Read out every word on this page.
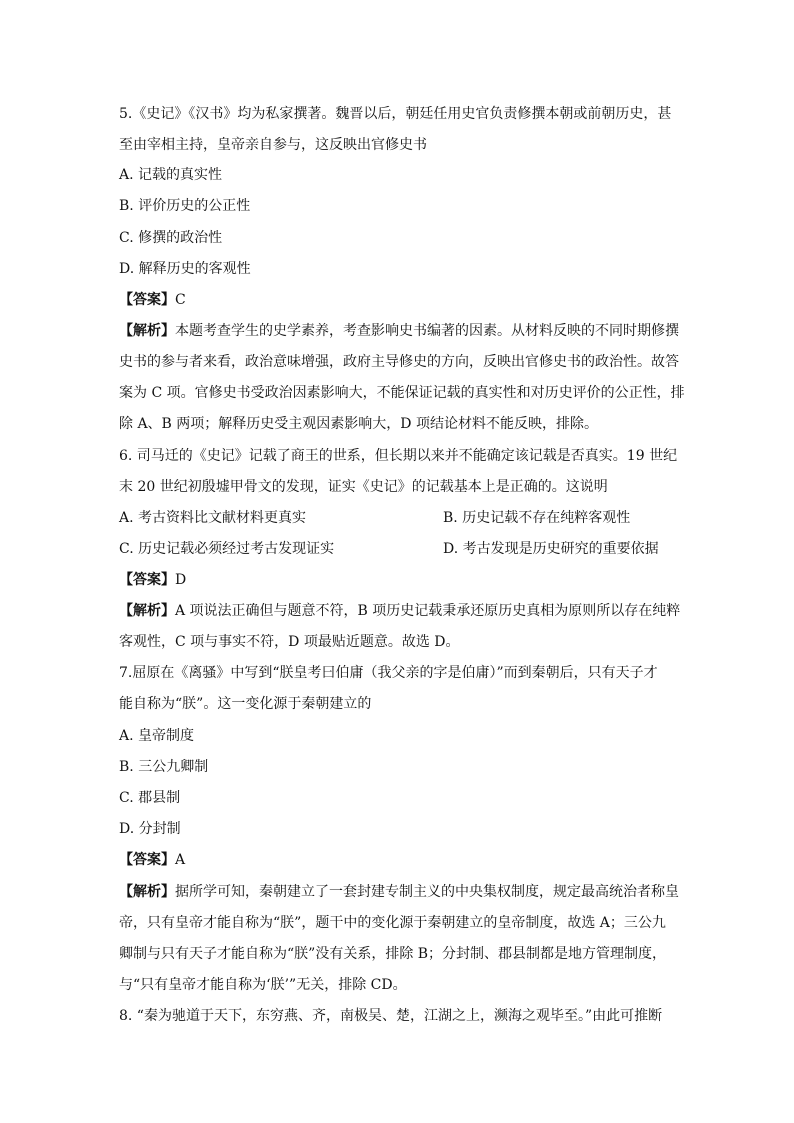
5.《史记》《汉书》均为私家撰著。魏晋以后，朝廷任用史官负责修撰本朝或前朝历史，甚
至由宰相主持，皇帝亲自参与，这反映出官修史书
A. 记载的真实性
B. 评价历史的公正性
C. 修撰的政治性
D. 解释历史的客观性
【答案】C
【解析】本题考查学生的史学素养，考查影响史书编著的因素。从材料反映的不同时期修撰
史书的参与者来看，政治意味增强，政府主导修史的方向，反映出官修史书的政治性。故答
案为 C 项。官修史书受政治因素影响大，不能保证记载的真实性和对历史评价的公正性，排
除 A、B 两项；解释历史受主观因素影响大，D 项结论材料不能反映，排除。
6. 司马迁的《史记》记载了商王的世系，但长期以来并不能确定该记载是否真实。19 世纪
末 20 世纪初殷墟甲骨文的发现，证实《史记》的记载基本上是正确的。这说明
A. 考古资料比文献材料更真实	B. 历史记载不存在纯粹客观性
C. 历史记载必须经过考古发现证实	D. 考古发现是历史研究的重要依据
【答案】D
【解析】A 项说法正确但与题意不符，B 项历史记载秉承还原历史真相为原则所以存在纯粹
客观性，C 项与事实不符，D 项最贴近题意。故选 D。
7.屈原在《离骚》中写到“朕皇考曰伯庸（我父亲的字是伯庸）”而到秦朝后，只有天子才
能自称为“朕”。这一变化源于秦朝建立的
A. 皇帝制度
B. 三公九卿制
C. 郡县制
D. 分封制
【答案】A
【解析】据所学可知，秦朝建立了一套封建专制主义的中央集权制度，规定最高统治者称皇
帝，只有皇帝才能自称为“朕”，题干中的变化源于秦朝建立的皇帝制度，故选 A；三公九
卿制与只有天子才能自称为“朕”没有关系，排除 B；分封制、郡县制都是地方管理制度，
与“只有皇帝才能自称为‘朕’”无关，排除 CD。
8. “秦为驰道于天下，东穷燕、齐，南极吴、楚，江湖之上，濒海之观毕至。”由此可推断
